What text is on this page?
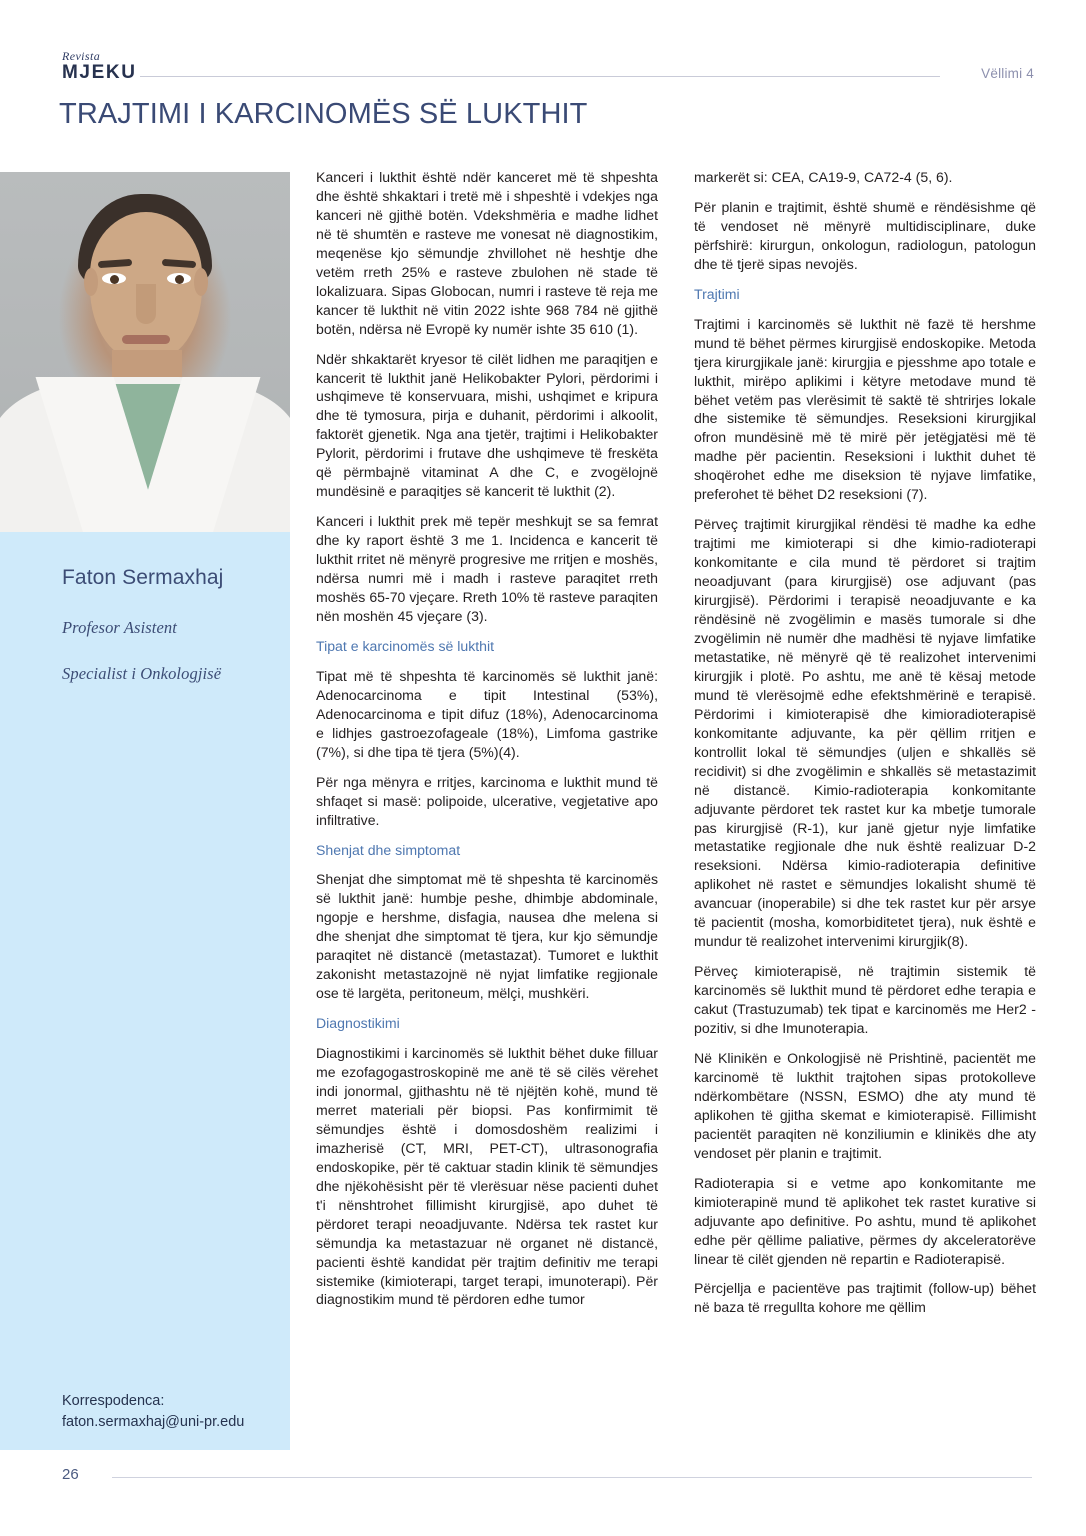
Revista
MJEKU	Vëllimi 4
TRAJTIMI I KARCINOMËS SË LUKTHIT
Faton Sermaxhaj
Profesor Asistent
Specialist i Onkologjisë
Korrespodenca:
faton.sermaxhaj@uni-pr.edu

Kanceri i lukthit është ndër kanceret më të shpeshta dhe është shkaktari i tretë më i shpeshtë i vdekjes nga kanceri në gjithë botën. Vdekshmëria e madhe lidhet në të shumtën e rasteve me vonesat në diagnostikim, meqenëse kjo sëmundje zhvillohet në heshtje dhe vetëm rreth 25% e rasteve zbulohen në stade të lokalizuara. Sipas Globocan, numri i rasteve të reja me kancer të lukthit në vitin 2022 ishte 968 784 në gjithë botën, ndërsa në Evropë ky numër ishte 35 610 (1).

Ndër shkaktarët kryesor të cilët lidhen me paraqitjen e kancerit të lukthit janë Helikobakter Pylori, përdorimi i ushqimeve të konservuara, mishi, ushqimet e kripura dhe të tymosura, pirja e duhanit, përdorimi i alkoolit, faktorët gjenetik. Nga ana tjetër, trajtimi i Helikobakter Pylorit, përdorimi i frutave dhe ushqimeve të freskëta që përmbajnë vitaminat A dhe C, e zvogëlojnë mundësinë e paraqitjes së kancerit të lukthit (2).

Kanceri i lukthit prek më tepër meshkujt se sa femrat dhe ky raport është 3 me 1. Incidenca e kancerit të lukthit rritet në mënyrë progresive me rritjen e moshës, ndërsa numri më i madh i rasteve paraqitet rreth moshës 65-70 vjeçare. Rreth 10% të rasteve paraqiten nën moshën 45 vjeçare (3).

Tipat e karcinomës së lukthit

Tipat më të shpeshta të karcinomës së lukthit janë: Adenocarcinoma e tipit Intestinal (53%), Adenocarcinoma e tipit difuz (18%), Adenocarcinoma e lidhjes gastroezofageale (18%), Limfoma gastrike (7%), si dhe tipa të tjera (5%)(4).

Për nga mënyra e rritjes, karcinoma e lukthit mund të shfaqet si masë: polipoide, ulcerative, vegjetative apo infiltrative.

Shenjat dhe simptomat

Shenjat dhe simptomat më të shpeshta të karcinomës së lukthit janë: humbje peshe, dhimbje abdominale, ngopje e hershme, disfagia, nausea dhe melena si dhe shenjat dhe simptomat të tjera, kur kjo sëmundje paraqitet në distancë (metastazat). Tumoret e lukthit zakonisht metastazojnë në nyjat limfatike regjionale ose të largëta, peritoneum, mëlçi, mushkëri.

Diagnostikimi

Diagnostikimi i karcinomës së lukthit bëhet duke filluar me ezofagogastroskopinë me anë të së cilës vërehet indi jonormal, gjithashtu në të njëjtën kohë, mund të merret materiali për biopsi. Pas konfirmimit të sëmundjes është i domosdoshëm realizimi i imazherisë (CT, MRI, PET-CT), ultrasonografia endoskopike, për të caktuar stadin klinik të sëmundjes dhe njëkohësisht për të vlerësuar nëse pacienti duhet t'i nënshtrohet fillimisht kirurgjisë, apo duhet të përdoret terapi neoadjuvante. Ndërsa tek rastet kur sëmundja ka metastazuar në organet në distancë, pacienti është kandidat për trajtim definitiv me terapi sistemike (kimioterapi, target terapi, imunoterapi). Për diagnostikim mund të përdoren edhe tumor

markerët si: CEA, CA19-9, CA72-4 (5, 6).

Për planin e trajtimit, është shumë e rëndësishme që të vendoset në mënyrë multidisciplinare, duke përfshirë: kirurgun, onkologun, radiologun, patologun dhe të tjerë sipas nevojës.

Trajtimi

Trajtimi i karcinomës së lukthit në fazë të hershme mund të bëhet përmes kirurgjisë endoskopike. Metoda tjera kirurgjikale janë: kirurgjia e pjesshme apo totale e lukthit, mirëpo aplikimi i këtyre metodave mund të bëhet vetëm pas vlerësimit të saktë të shtrirjes lokale dhe sistemike të sëmundjes. Reseksioni kirurgjikal ofron mundësinë më të mirë për jetëgjatësi më të madhe për pacientin. Reseksioni i lukthit duhet të shoqërohet edhe me diseksion të nyjave limfatike, preferohet të bëhet D2 reseksioni (7).

Përveç trajtimit kirurgjikal rëndësi të madhe ka edhe trajtimi me kimioterapi si dhe kimio-radioterapi konkomitante e cila mund të përdoret si trajtim neoadjuvant (para kirurgjisë) ose adjuvant (pas kirurgjisë). Përdorimi i terapisë neoadjuvante e ka rëndësinë në zvogëlimin e masës tumorale si dhe zvogëlimin në numër dhe madhësi të nyjave limfatike metastatike, në mënyrë që të realizohet intervenimi kirurgjik i plotë. Po ashtu, me anë të kësaj metode mund të vlerësojmë edhe efektshmërinë e terapisë. Përdorimi i kimioterapisë dhe kimioradioterapisë konkomitante adjuvante, ka për qëllim rritjen e kontrollit lokal të sëmundjes (uljen e shkallës së recidivit) si dhe zvogëlimin e shkallës së metastazimit në distancë. Kimio-radioterapia konkomitante adjuvante përdoret tek rastet kur ka mbetje tumorale pas kirurgjisë (R-1), kur janë gjetur nyje limfatike metastatike regjionale dhe nuk është realizuar D-2 reseksioni. Ndërsa kimio-radioterapia definitive aplikohet në rastet e sëmundjes lokalisht shumë të avancuar (inoperabile) si dhe tek rastet kur për arsye të pacientit (mosha, komorbiditetet tjera), nuk është e mundur të realizohet intervenimi kirurgjik(8).

Përveç kimioterapisë, në trajtimin sistemik të karcinomës së lukthit mund të përdoret edhe terapia e cakut (Trastuzumab) tek tipat e karcinomës me Her2 - pozitiv, si dhe Imunoterapia.

Në Klinikën e Onkologjisë në Prishtinë, pacientët me karcinomë të lukthit trajtohen sipas protokolleve ndërkombëtare (NSSN, ESMO) dhe aty mund të aplikohen të gjitha skemat e kimioterapisë. Fillimisht pacientët paraqiten në konziliumin e klinikës dhe aty vendoset për planin e trajtimit.

Radioterapia si e vetme apo konkomitante me kimioterapinë mund të aplikohet tek rastet kurative si adjuvante apo definitive. Po ashtu, mund të aplikohet edhe për qëllime paliative, përmes dy akceleratorëve linear të cilët gjenden në repartin e Radioterapisë.

Përcjellja e pacientëve pas trajtimit (follow-up) bëhet në baza të rregullta kohore me qëllim

26
